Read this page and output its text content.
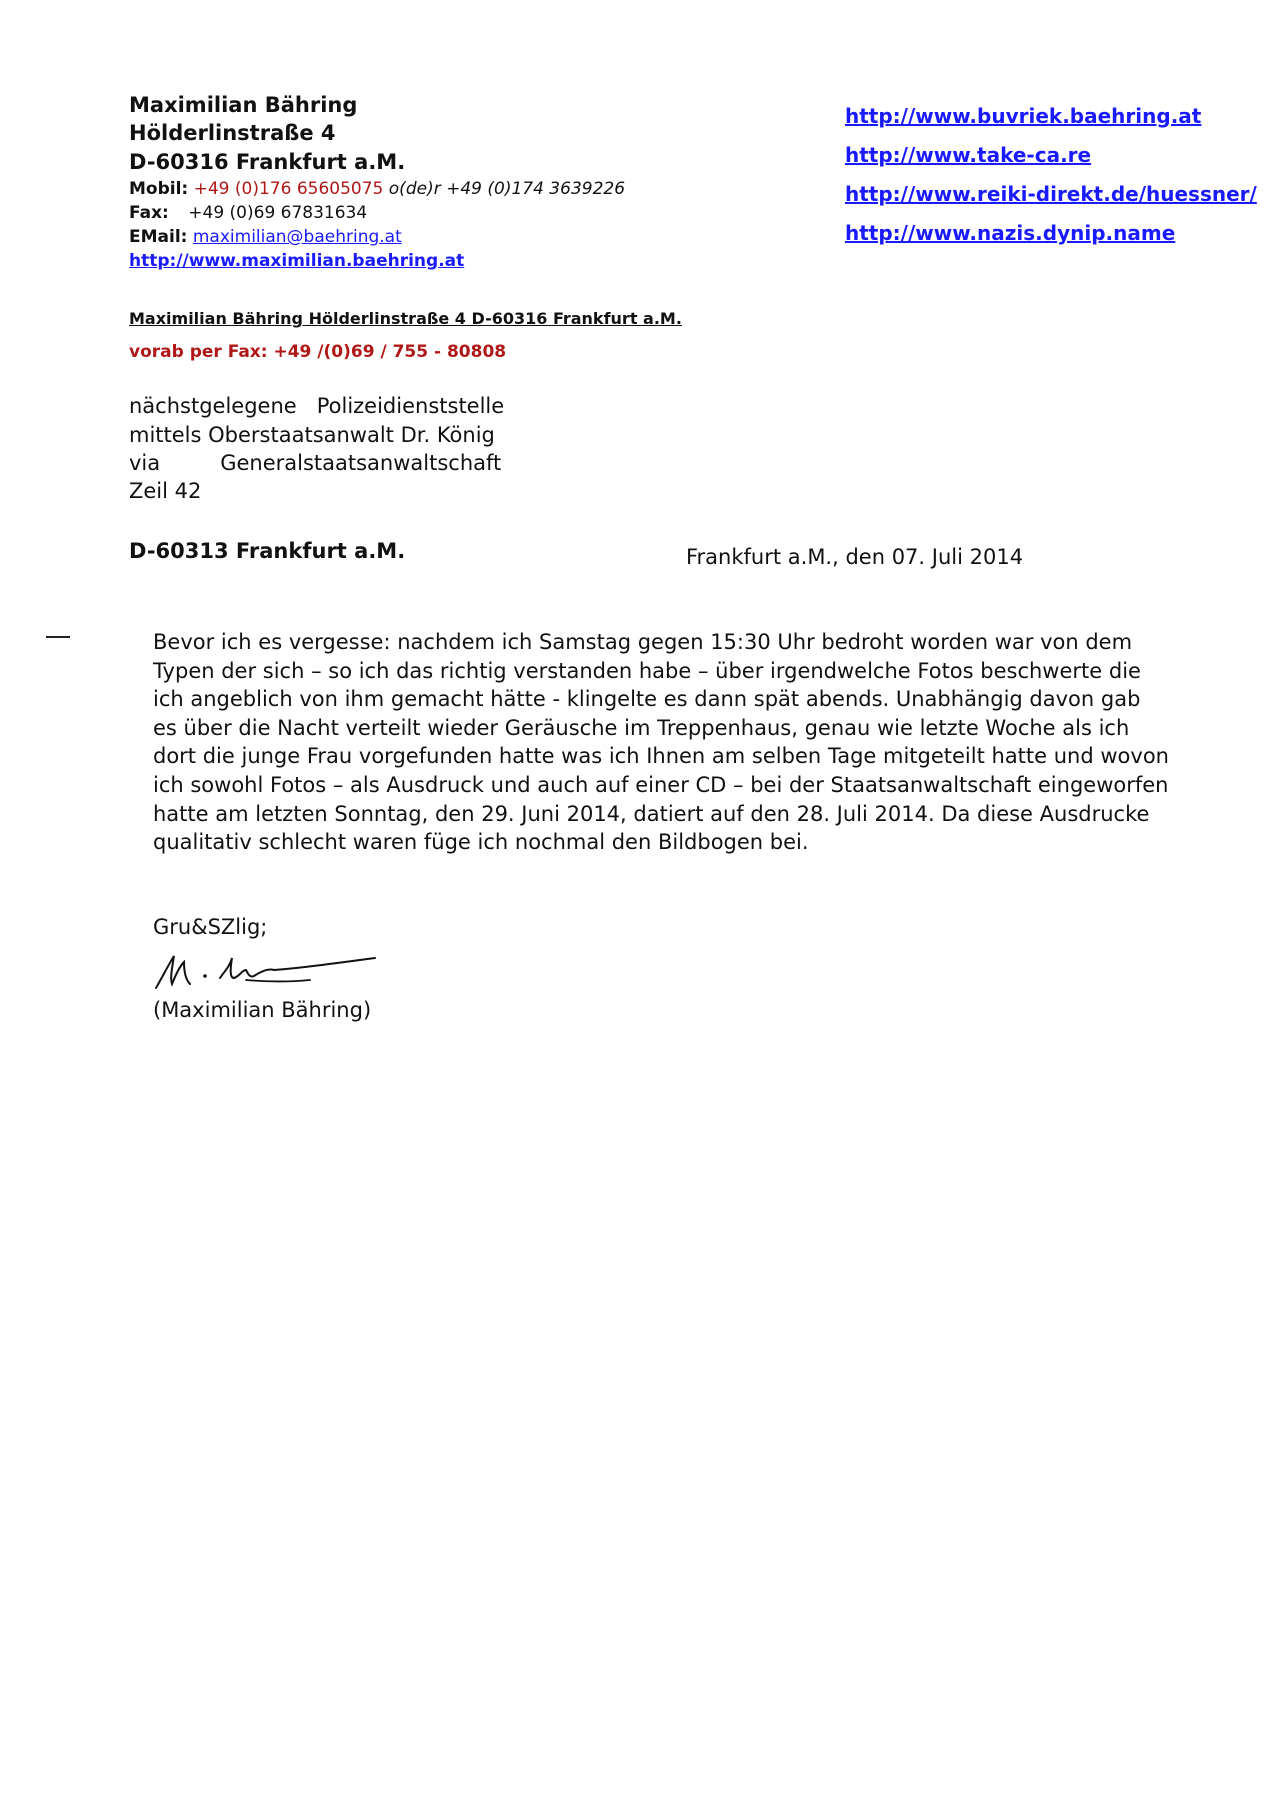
Maximilian Bähring
Hölderlinstraße 4
D-60316 Frankfurt a.M.
Mobil: +49 (0)176 65605075 o(de)r +49 (0)174 3639226
Fax: +49 (0)69 67831634
EMail: maximilian@baehring.at
http://www.maximilian.baehring.at
http://www.buvriek.baehring.at
http://www.take-ca.re
http://www.reiki-direkt.de/huessner/
http://www.nazis.dynip.name
Maximilian Bähring Hölderlinstraße 4 D-60316 Frankfurt a.M.
vorab per Fax: +49 /(0)69 / 755 - 80808
nächstgelegene   Polizeidienststelle
mittels Oberstaatsanwalt Dr. König
via         Generalstaatsanwaltschaft
Zeil 42
D-60313 Frankfurt a.M.	Frankfurt a.M., den 07. Juli 2014
Bevor ich es vergesse: nachdem ich Samstag gegen 15:30 Uhr bedroht worden war von dem
Typen der sich – so ich das richtig verstanden habe – über irgendwelche Fotos beschwerte die
ich angeblich von ihm gemacht hätte - klingelte es dann spät abends. Unabhängig davon gab
es über die Nacht verteilt wieder Geräusche im Treppenhaus, genau wie letzte Woche als ich
dort die junge Frau vorgefunden hatte was ich Ihnen am selben Tage mitgeteilt hatte und wovon
ich sowohl Fotos – als Ausdruck und auch auf einer CD – bei der Staatsanwaltschaft eingeworfen
hatte am letzten Sonntag, den 29. Juni 2014, datiert auf den 28. Juli 2014. Da diese Ausdrucke
qualitativ schlecht waren füge ich nochmal den Bildbogen bei.
Gru&SZlig;
(Maximilian Bähring)
